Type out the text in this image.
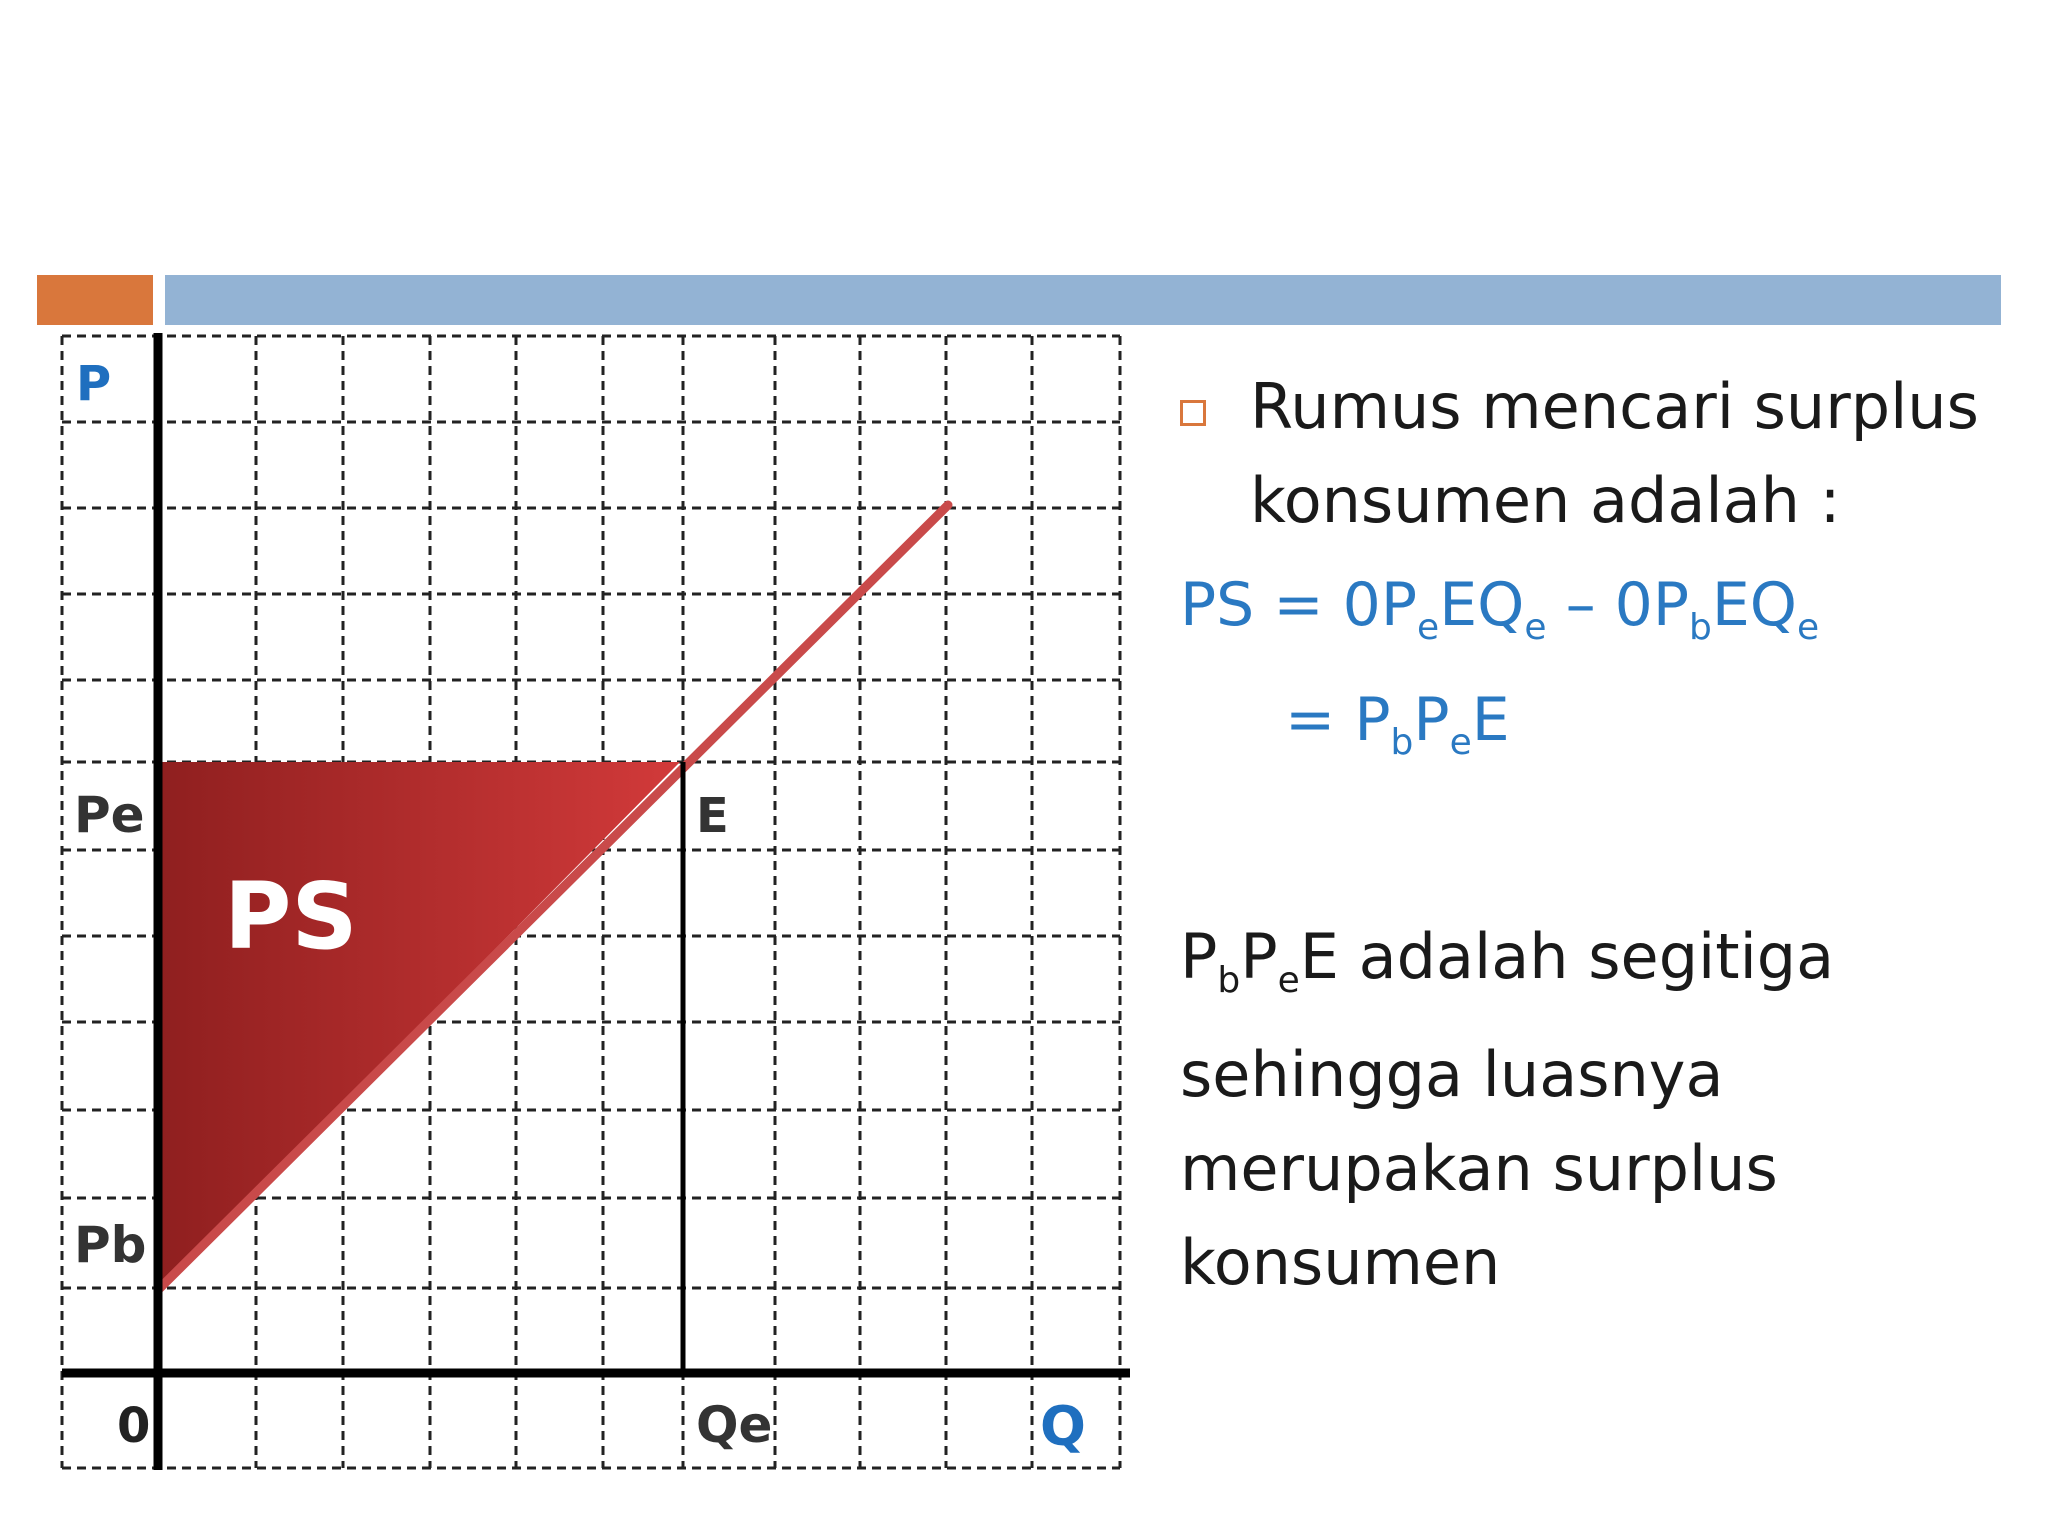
P
Pe
Pb
0	Qe	Q
E
PS
Rumus mencari surplus konsumen adalah :
PS = $0P_eEQ_e - 0P_bEQ_e$
= $P_bP_eE$
$P_bP_eE$ adalah segitiga sehingga luasnya merupakan surplus konsumen
